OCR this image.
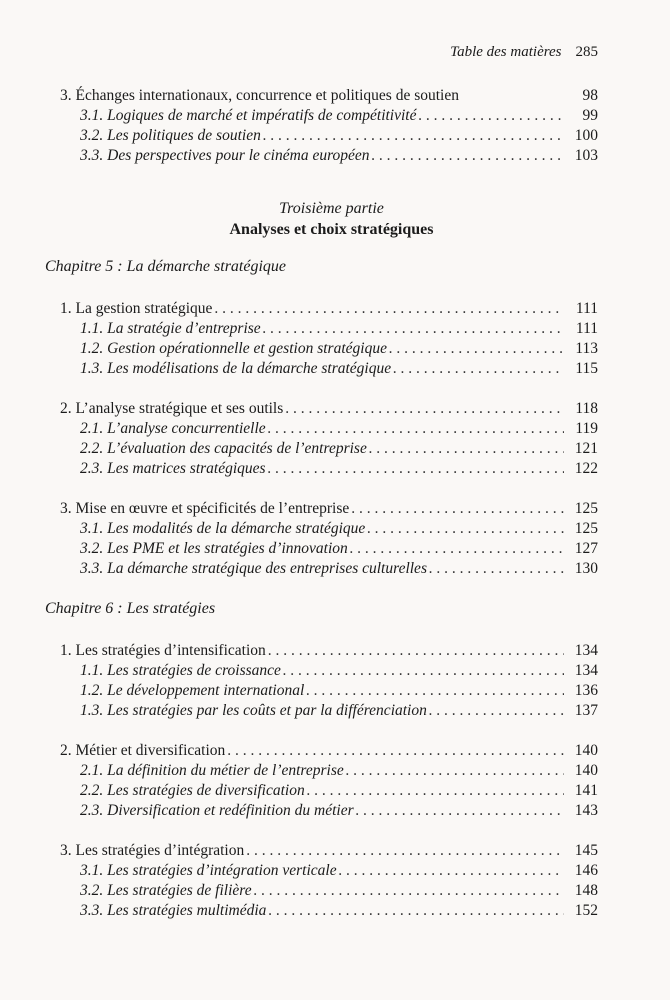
Table des matières 285
3. Échanges internationaux, concurrence et politiques de soutien	98
3.1. Logiques de marché et impératifs de compétitivité . . .	99
3.2. Les politiques de soutien . . .	100
3.3. Des perspectives pour le cinéma européen . . .	103
Troisième partie
Analyses et choix stratégiques
Chapitre 5 : La démarche stratégique
1. La gestion stratégique . . .	111
1.1. La stratégie d’entreprise . . .	111
1.2. Gestion opérationnelle et gestion stratégique . . .	113
1.3. Les modélisations de la démarche stratégique . . .	115
2. L’analyse stratégique et ses outils . . .	118
2.1. L’analyse concurrentielle . . .	119
2.2. L’évaluation des capacités de l’entreprise . . .	121
2.3. Les matrices stratégiques . . .	122
3. Mise en œuvre et spécificités de l’entreprise . . .	125
3.1. Les modalités de la démarche stratégique . . .	125
3.2. Les PME et les stratégies d’innovation . . .	127
3.3. La démarche stratégique des entreprises culturelles . . .	130
Chapitre 6 : Les stratégies
1. Les stratégies d’intensification . . .	134
1.1. Les stratégies de croissance . . .	134
1.2. Le développement international . . .	136
1.3. Les stratégies par les coûts et par la différenciation . . .	137
2. Métier et diversification . . .	140
2.1. La définition du métier de l’entreprise . . .	140
2.2. Les stratégies de diversification . . .	141
2.3. Diversification et redéfinition du métier . . .	143
3. Les stratégies d’intégration . . .	145
3.1. Les stratégies d’intégration verticale . . .	146
3.2. Les stratégies de filière . . .	148
3.3. Les stratégies multimédia . . .	152
